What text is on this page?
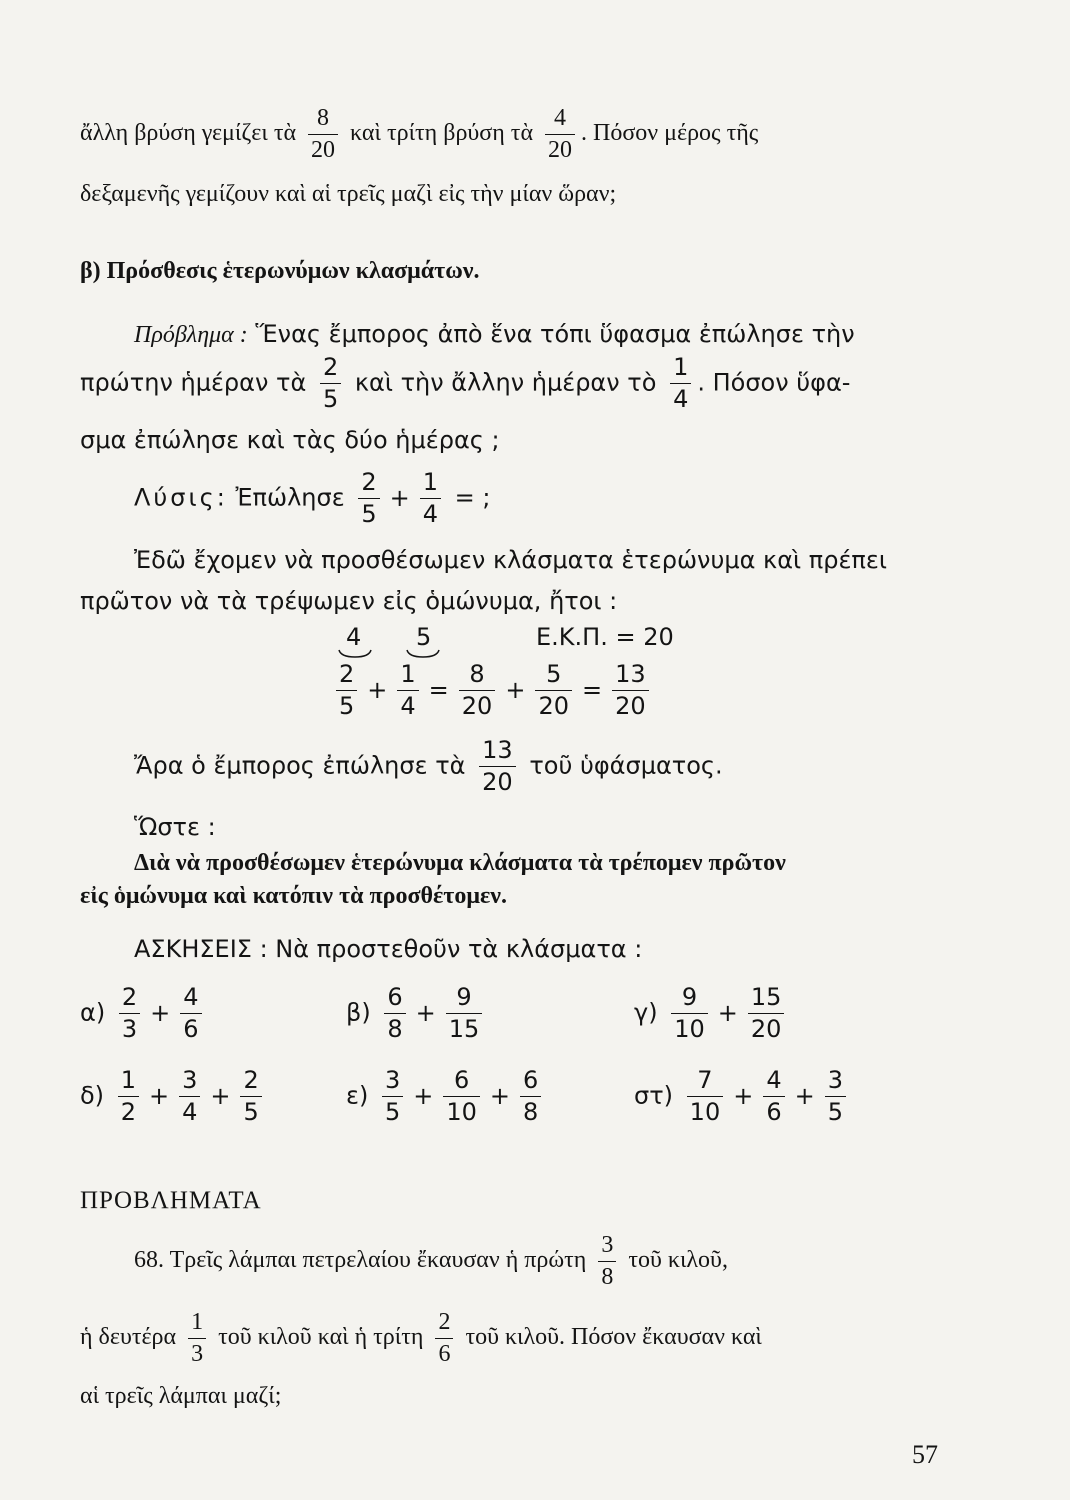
ἄλλη βρύση γεμίζει τὰ $\frac{8}{20}$ καὶ τρίτη βρύση τὰ $\frac{4}{20}$ . Πόσον μέρος τῆς
δεξαμενῆς γεμίζουν καὶ αἱ τρεῖς μαζὶ εἰς τὴν μίαν ὥραν;
β) Πρόσθεσις ἑτερωνύμων κλασμάτων.
Πρόβλημα : Ἕνας ἔμπορος ἀπὸ ἕνα τόπι ὕφασμα ἐπώλησε τὴν
πρώτην ἡμέραν τὰ $\frac{2}{5}$ καὶ τὴν ἄλλην ἡμέραν τὸ $\frac{1}{4}$ . Πόσον ὕφα-
σμα ἐπώλησε καὶ τὰς δύο ἡμέρας ;
Λύσις: Ἐπώλησε $\frac{2}{5} + \frac{1}{4}$ = ;
Ἐδῶ ἔχομεν νὰ προσθέσωμεν κλάσματα ἑτερώνυμα καὶ πρέπει
πρῶτον νὰ τὰ τρέψωμεν εἰς ὁμώνυμα, ἤτοι :
4 5	Ε.Κ.Π. = 20
$\frac{2}{5} + \frac{1}{4} = \frac{8}{20} + \frac{5}{20} = \frac{13}{20}$
Ἄρα ὁ ἔμπορος ἐπώλησε τὰ $\frac{13}{20}$ τοῦ ὑφάσματος.
Ὥστε :
Διὰ νὰ προσθέσωμεν ἑτερώνυμα κλάσματα τὰ τρέπομεν πρῶτον
εἰς ὁμώνυμα καὶ κατόπιν τὰ προσθέτομεν.
ΑΣΚΗΣΕΙΣ : Νὰ προστεθοῦν τὰ κλάσματα :
$\alpha) \frac{2}{3} + \frac{4}{6}$	$\beta) \frac{6}{8} + \frac{9}{15}$	$\gamma) \frac{9}{10} + \frac{15}{20}$
$\delta) \frac{1}{2} + \frac{3}{4} + \frac{2}{5}$	$\varepsilon) \frac{3}{5} + \frac{6}{10} + \frac{6}{8}$	$\sigma\tau) \frac{7}{10} + \frac{4}{6} + \frac{3}{5}$
ΠΡΟΒΛΗΜΑΤΑ
68. Τρεῖς λάμπαι πετρελαίου ἔκαυσαν ἡ πρώτη $\frac{3}{8}$ τοῦ κιλοῦ,
ἡ δευτέρα $\frac{1}{3}$ τοῦ κιλοῦ καὶ ἡ τρίτη $\frac{2}{6}$ τοῦ κιλοῦ. Πόσον ἔκαυσαν καὶ
αἱ τρεῖς λάμπαι μαζί;
57
